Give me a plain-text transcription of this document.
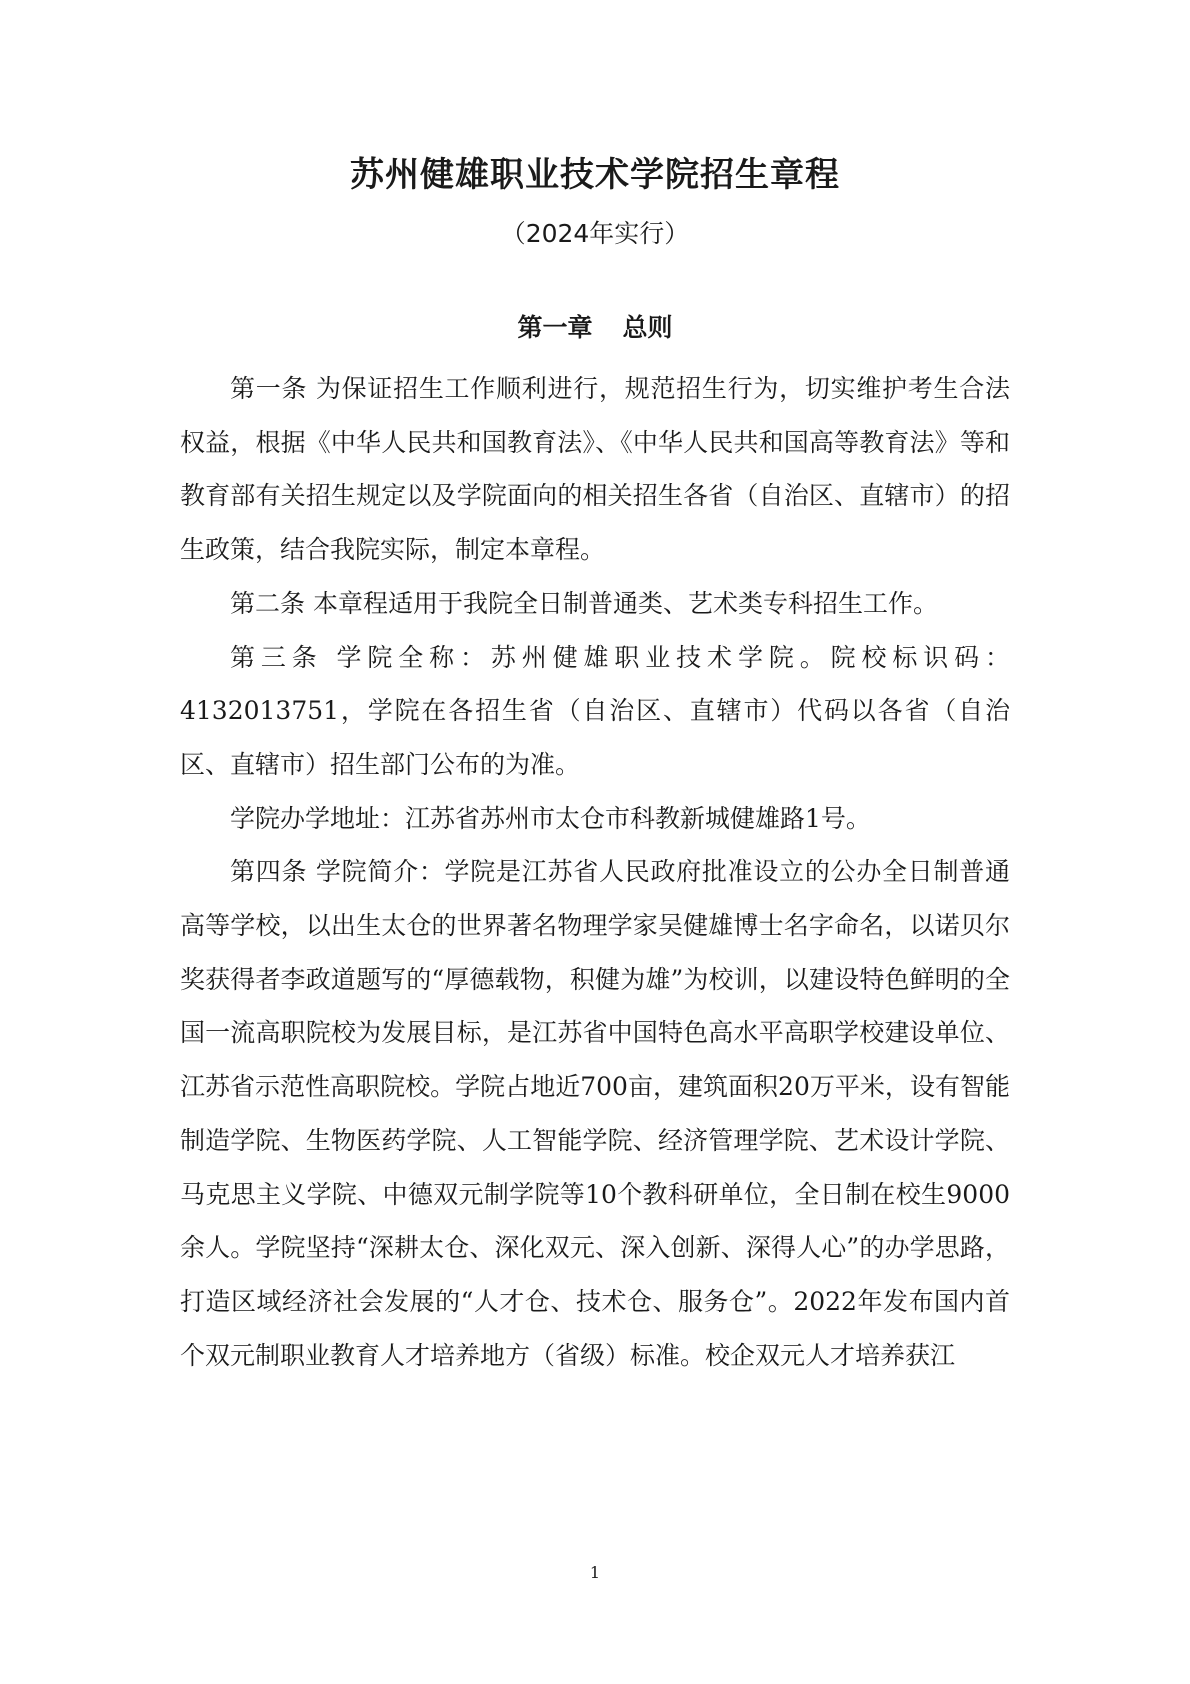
苏州健雄职业技术学院招生章程
（2024年实行）
第一章 总则

第一条 为保证招生工作顺利进行，规范招生行为，切实维护考生合法权益，根据《中华人民共和国教育法》、《中华人民共和国高等教育法》等和教育部有关招生规定以及学院面向的相关招生各省（自治区、直辖市）的招生政策，结合我院实际，制定本章程。

第二条 本章程适用于我院全日制普通类、艺术类专科招生工作。

第三条 学院全称：苏州健雄职业技术学院。院校标识码：4132013751，学院在各招生省（自治区、直辖市）代码以各省（自治区、直辖市）招生部门公布的为准。

学院办学地址：江苏省苏州市太仓市科教新城健雄路1号。

第四条 学院简介：学院是江苏省人民政府批准设立的公办全日制普通高等学校，以出生太仓的世界著名物理学家吴健雄博士名字命名，以诺贝尔奖获得者李政道题写的“厚德载物，积健为雄”为校训，以建设特色鲜明的全国一流高职院校为发展目标，是江苏省中国特色高水平高职学校建设单位、江苏省示范性高职院校。学院占地近700亩，建筑面积20万平米，设有智能制造学院、生物医药学院、人工智能学院、经济管理学院、艺术设计学院、马克思主义学院、中德双元制学院等10个教科研单位，全日制在校生9000余人。学院坚持“深耕太仓、深化双元、深入创新、深得人心”的办学思路，打造区域经济社会发展的“人才仓、技术仓、服务仓”。2022年发布国内首个双元制职业教育人才培养地方（省级）标准。校企双元人才培养获江

1
